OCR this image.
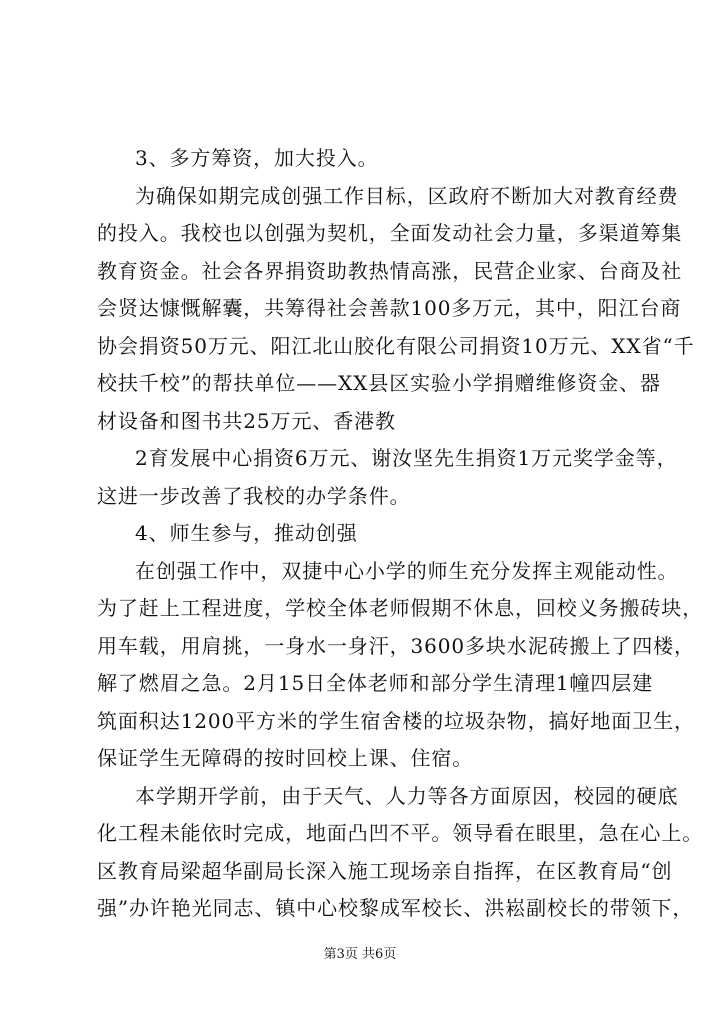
3、多方筹资，加大投入。
为确保如期完成创强工作目标，区政府不断加大对教育经费
的投入。我校也以创强为契机，全面发动社会力量，多渠道筹集
教育资金。社会各界捐资助教热情高涨，民营企业家、台商及社
会贤达慷慨解囊，共筹得社会善款100多万元，其中，阳江台商
协会捐资50万元、阳江北山胶化有限公司捐资10万元、XX省“千
校扶千校”的帮扶单位——XX县区实验小学捐赠维修资金、器
材设备和图书共25万元、香港教
2育发展中心捐资6万元、谢汝坚先生捐资1万元奖学金等，
这进一步改善了我校的办学条件。
4、师生参与，推动创强
在创强工作中，双捷中心小学的师生充分发挥主观能动性。
为了赶上工程进度，学校全体老师假期不休息，回校义务搬砖块，
用车载，用肩挑，一身水一身汗，3600多块水泥砖搬上了四楼，
解了燃眉之急。2月15日全体老师和部分学生清理1幢四层建
筑面积达1200平方米的学生宿舍楼的垃圾杂物，搞好地面卫生，
保证学生无障碍的按时回校上课、住宿。
本学期开学前，由于天气、人力等各方面原因，校园的硬底
化工程未能依时完成，地面凸凹不平。领导看在眼里，急在心上。
区教育局梁超华副局长深入施工现场亲自指挥，在区教育局“创
强”办许艳光同志、镇中心校黎成军校长、洪崧副校长的带领下，
第3页 共6页
